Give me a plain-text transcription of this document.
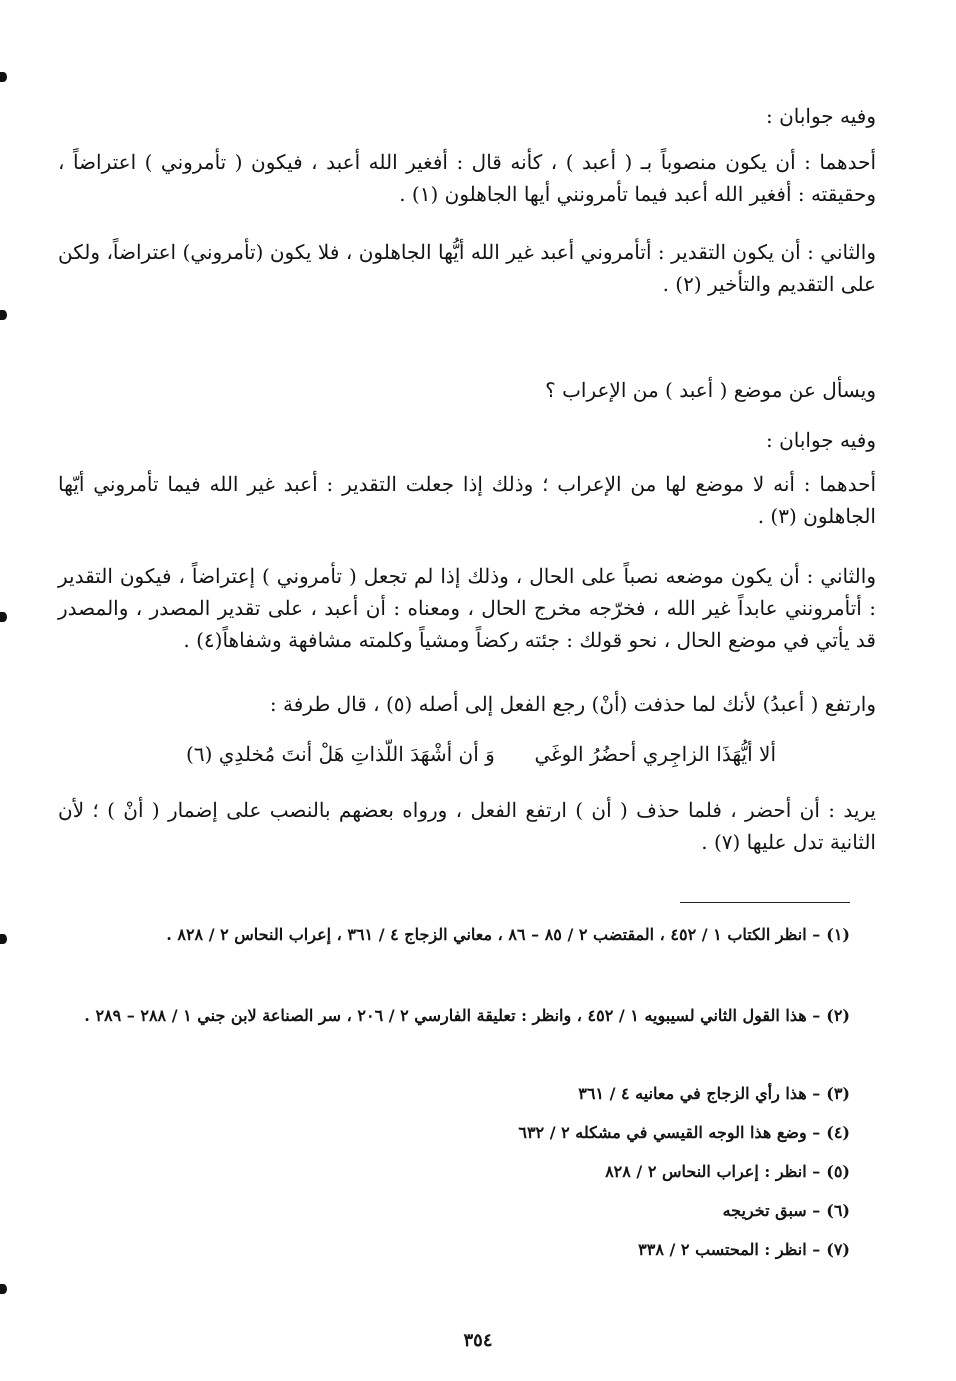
وفيه جوابان :
أحدهما : أن يكون منصوباً بـ ( أعبد ) ، كأنه قال : أفغير الله أعبد ، فيكون ( تأمروني ) اعتراضاً ، وحقيقته : أفغير الله أعبد فيما تأمرونني أيها الجاهلون (١) .
والثاني : أن يكون التقدير : أتأمروني أعبد غير الله أيُّها الجاهلون ، فلا يكون (تأمروني) اعتراضاً، ولكن على التقديم والتأخير (٢) .
ويسأل عن موضع ( أعبد ) من الإعراب ؟
وفيه جوابان :
أحدهما : أنه لا موضع لها من الإعراب ؛ وذلك إذا جعلت التقدير : أعبد غير الله فيما تأمروني أيّها الجاهلون (٣) .
والثاني : أن يكون موضعه نصباً على الحال ، وذلك إذا لم تجعل ( تأمروني ) إعتراضاً ، فيكون التقدير : أتأمرونني عابداً غير الله ، فخرّجه مخرج الحال ، ومعناه : أن أعبد ، على تقدير المصدر ، والمصدر قد يأتي في موضع الحال ، نحو قولك : جئته ركضاً ومشياً وكلمته مشافهة وشفاهاً(٤) .
وارتفع ( أعبدُ) لأنك لما حذفت (أنْ) رجع الفعل إلى أصله (٥) ، قال طرفة :
ألا أيُّهَذَا الزاجِري أحضُرُ الوغَي
وَ أن أشْهَدَ اللّذاتِ هَلْ أنتَ مُخلدِي (٦)
يريد : أن أحضر ، فلما حذف ( أن ) ارتفع الفعل ، ورواه بعضهم بالنصب على إضمار ( أنْ ) ؛ لأن الثانية تدل عليها (٧) .
(١)– انظر الكتاب ١ / ٤٥٢ ، المقتضب ٢ / ٨٥ – ٨٦ ، معاني الزجاج ٤ / ٣٦١ ، إعراب النحاس ٢ / ٨٢٨ .
(٢)– هذا القول الثاني لسيبويه ١ / ٤٥٢ ، وانظر : تعليقة الفارسي ٢ / ٢٠٦ ، سر الصناعة لابن جني ١ / ٢٨٨ – ٢٨٩ .
(٣)– هذا رأي الزجاج في معانيه ٤ / ٣٦١
(٤)– وضع هذا الوجه القيسي في مشكله ٢ / ٦٣٢
(٥)– انظر : إعراب النحاس ٢ / ٨٢٨
(٦)– سبق تخريجه
(٧)– انظر : المحتسب ٢ / ٣٣٨
٣٥٤
